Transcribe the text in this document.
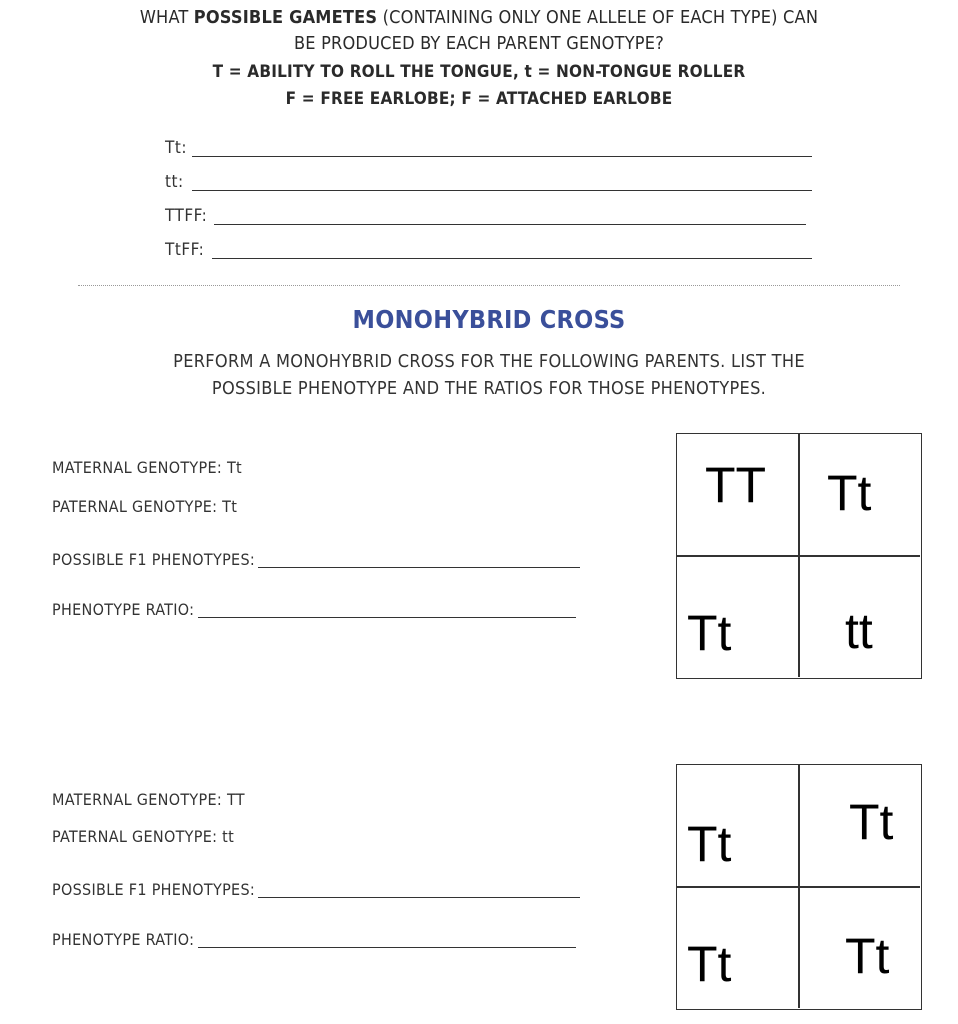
WHAT POSSIBLE GAMETES (CONTAINING ONLY ONE ALLELE OF EACH TYPE) CAN
BE PRODUCED BY EACH PARENT GENOTYPE?
T = ABILITY TO ROLL THE TONGUE, t = NON-TONGUE ROLLER
F = FREE EARLOBE; F = ATTACHED EARLOBE
Tt:
tt:
TTFF:
TtFF:
MONOHYBRID CROSS
PERFORM A MONOHYBRID CROSS FOR THE FOLLOWING PARENTS. LIST THE
POSSIBLE PHENOTYPE AND THE RATIOS FOR THOSE PHENOTYPES.
MATERNAL GENOTYPE: Tt
PATERNAL GENOTYPE: Tt
POSSIBLE F1 PHENOTYPES:
PHENOTYPE RATIO:
TT Tt
Tt tt
MATERNAL GENOTYPE: TT
PATERNAL GENOTYPE: tt
POSSIBLE F1 PHENOTYPES:
PHENOTYPE RATIO:
Tt Tt
Tt Tt
